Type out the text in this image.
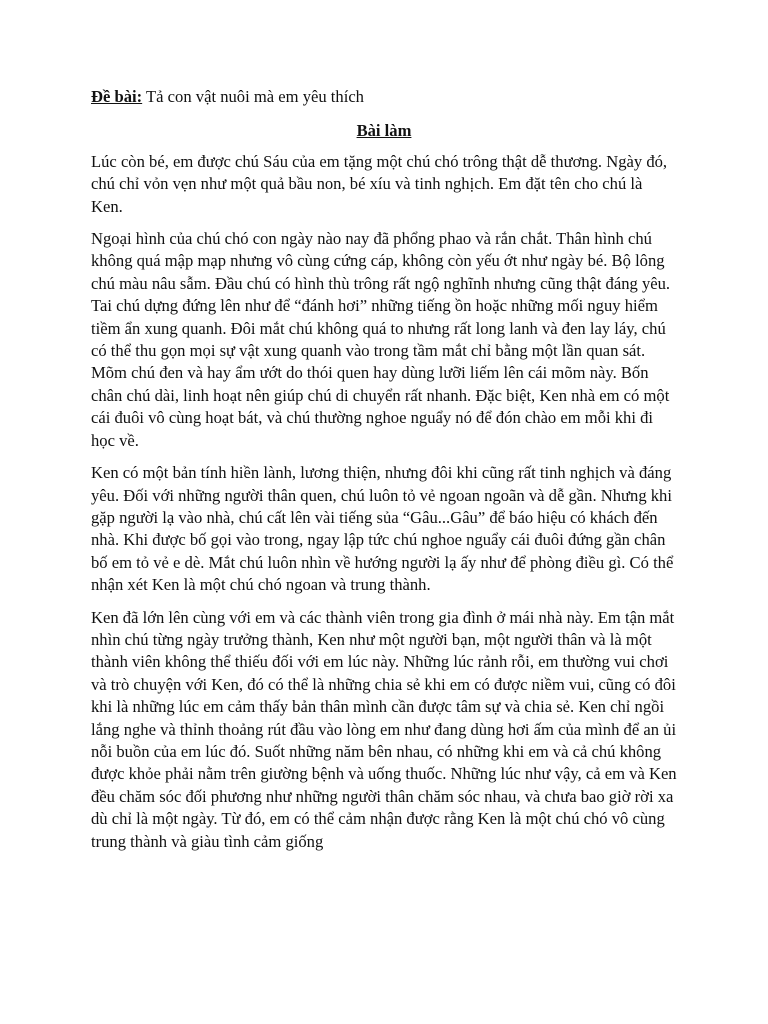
Đề bài: Tả con vật nuôi mà em yêu thích

Bài làm

Lúc còn bé, em được chú Sáu của em tặng một chú chó trông thật dễ thương. Ngày đó, chú chỉ vỏn vẹn như một quả bầu non, bé xíu và tinh nghịch. Em đặt tên cho chú là Ken.

Ngoại hình của chú chó con ngày nào nay đã phổng phao và rắn chắt. Thân hình chú không quá mập mạp nhưng vô cùng cứng cáp, không còn yếu ớt như ngày bé. Bộ lông chú màu nâu sẫm. Đầu chú có hình thù trông rất ngộ nghĩnh nhưng cũng thật đáng yêu. Tai chú dựng đứng lên như để “đánh hơi” những tiếng ồn hoặc những mối nguy hiểm tiềm ẩn xung quanh. Đôi mắt chú không quá to nhưng rất long lanh và đen lay láy, chú có thể thu gọn mọi sự vật xung quanh vào trong tầm mắt chỉ bằng một lần quan sát. Mõm chú đen và hay ẩm ướt do thói quen hay dùng lưỡi liếm lên cái mõm này. Bốn chân chú dài, linh hoạt nên giúp chú di chuyển rất nhanh. Đặc biệt, Ken nhà em có một cái đuôi vô cùng hoạt bát, và chú thường nghoe nguẩy nó để đón chào em mỗi khi đi học về.

Ken có một bản tính hiền lành, lương thiện, nhưng đôi khi cũng rất tinh nghịch và đáng yêu. Đối với những người thân quen, chú luôn tỏ vẻ ngoan ngoãn và dễ gần. Nhưng khi gặp người lạ vào nhà, chú cất lên vài tiếng sủa “Gâu...Gâu” để báo hiệu có khách đến nhà. Khi được bố gọi vào trong, ngay lập tức chú nghoe nguẩy cái đuôi đứng gần chân bố em tỏ vẻ e dè. Mắt chú luôn nhìn về hướng người lạ ấy như để phòng điều gì. Có thể nhận xét Ken là một chú chó ngoan và trung thành.

Ken đã lớn lên cùng với em và các thành viên trong gia đình ở mái nhà này. Em tận mắt nhìn chú từng ngày trưởng thành, Ken như một người bạn, một người thân và là một thành viên không thể thiếu đối với em lúc này. Những lúc rảnh rỗi, em thường vui chơi và trò chuyện với Ken, đó có thể là những chia sẻ khi em có được niềm vui, cũng có đôi khi là những lúc em cảm thấy bản thân mình cần được tâm sự và chia sẻ. Ken chỉ ngồi lắng nghe và thỉnh thoảng rút đầu vào lòng em như đang dùng hơi ấm của mình để an ủi nỗi buồn của em lúc đó. Suốt những năm bên nhau, có những khi em và cả chú không được khỏe phải nằm trên giường bệnh và uống thuốc. Những lúc như vậy, cả em và Ken đều chăm sóc đối phương như những người thân chăm sóc nhau, và chưa bao giờ rời xa dù chỉ là một ngày. Từ đó, em có thể cảm nhận được rằng Ken là một chú chó vô cùng trung thành và giàu tình cảm giống
